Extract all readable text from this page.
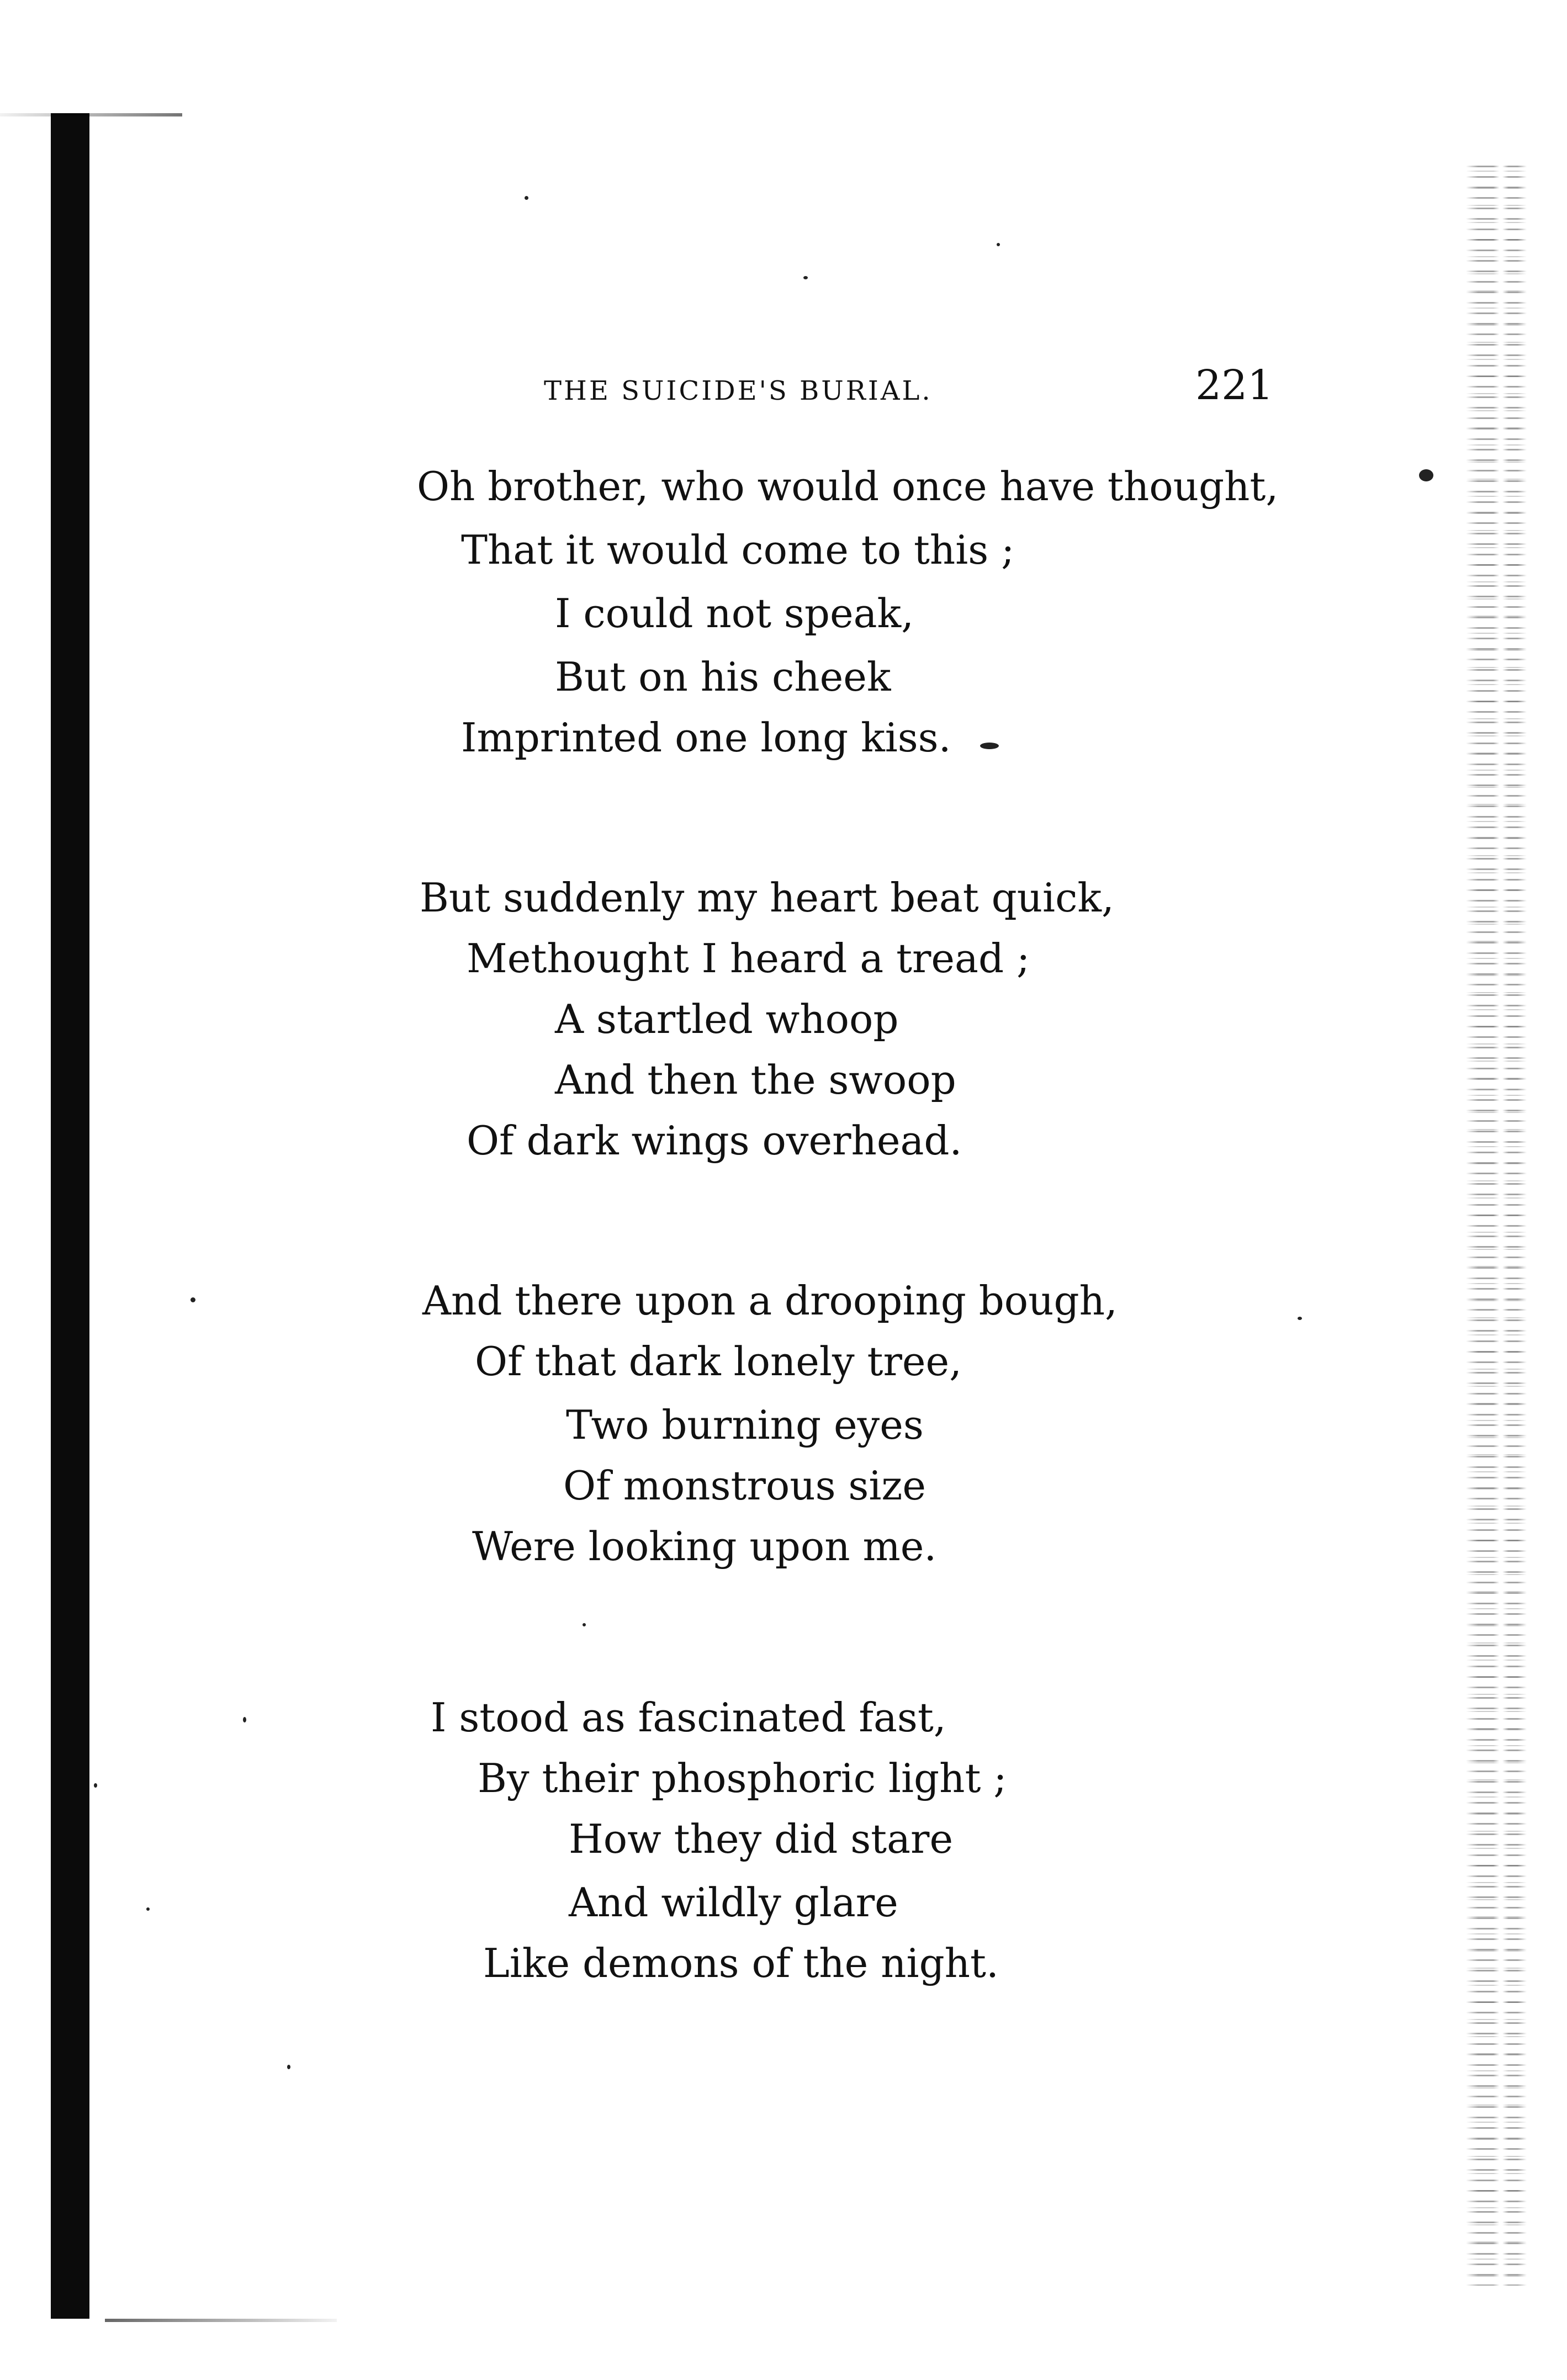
THE SUICIDE'S BURIAL.	221
Oh brother, who would once have thought,
That it would come to this ;
I could not speak,
But on his cheek
Imprinted one long kiss.
But suddenly my heart beat quick,
Methought I heard a tread ;
A startled whoop
And then the swoop
Of dark wings overhead.
And there upon a drooping bough,
Of that dark lonely tree,
Two burning eyes
Of monstrous size
Were looking upon me.
I stood as fascinated fast,
By their phosphoric light ;
How they did stare
And wildly glare
Like demons of the night.
